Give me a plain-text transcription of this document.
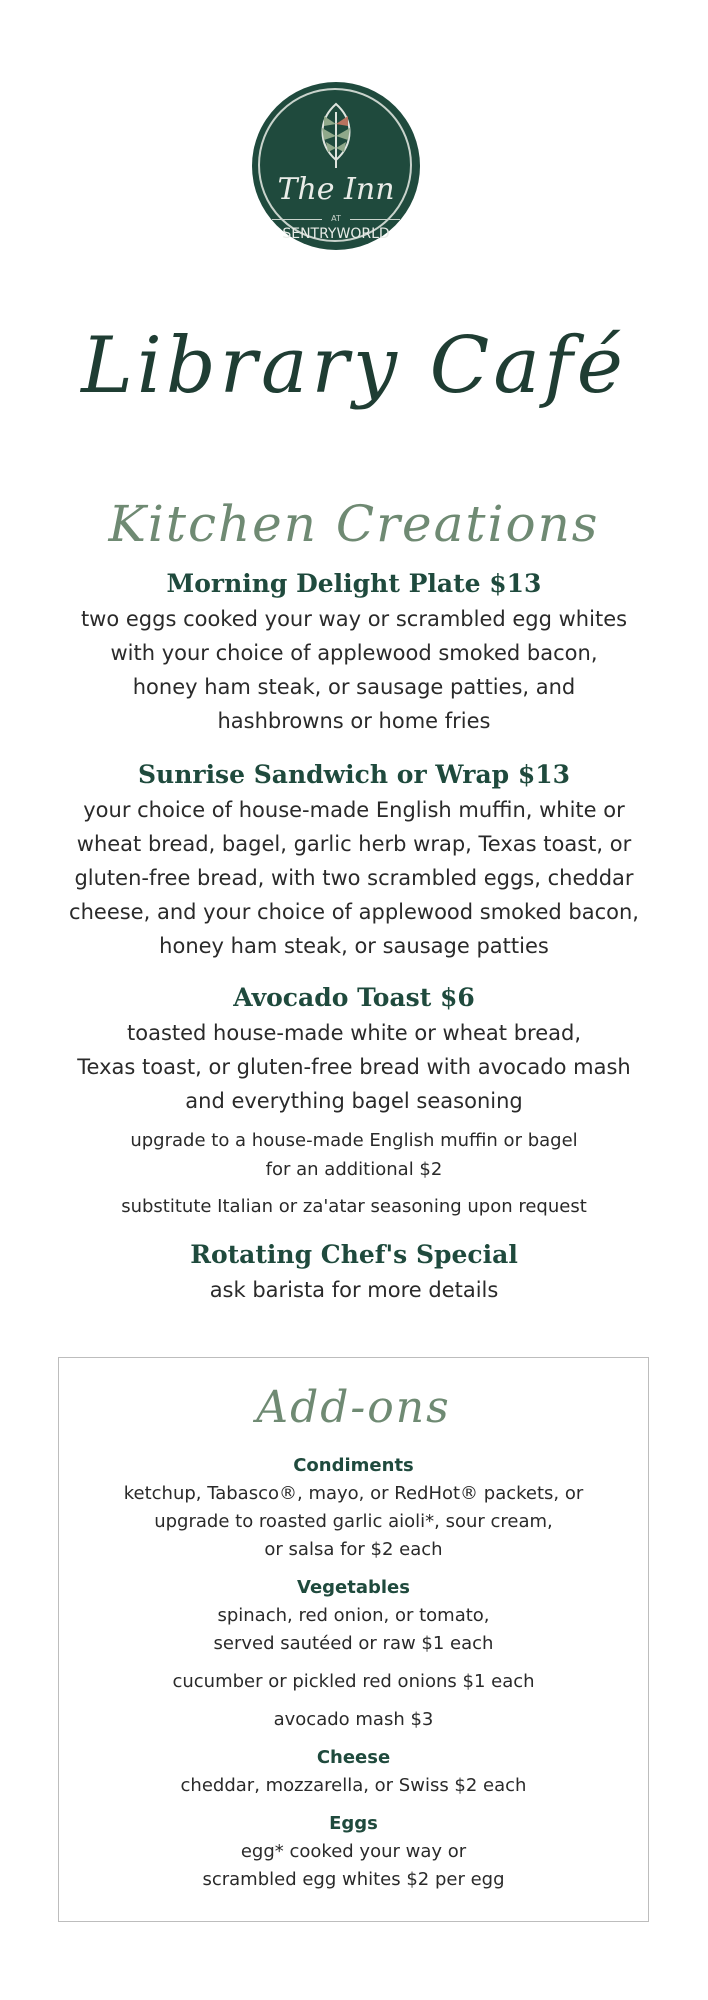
The Inn
AT
SENTRYWORLD
Library Café
Kitchen Creations
Morning Delight Plate $13

two eggs cooked your way or scrambled egg whites

with your choice of applewood smoked bacon,

honey ham steak, or sausage patties, and

hashbrowns or home fries

Sunrise Sandwich or Wrap $13

your choice of house-made English muffin, white or

wheat bread, bagel, garlic herb wrap, Texas toast, or

gluten-free bread, with two scrambled eggs, cheddar

cheese, and your choice of applewood smoked bacon,

honey ham steak, or sausage patties

Avocado Toast $6

toasted house-made white or wheat bread,

Texas toast, or gluten-free bread with avocado mash

and everything bagel seasoning

upgrade to a house-made English muffin or bagel

for an additional $2

substitute Italian or za'atar seasoning upon request

Rotating Chef's Special

ask barista for more details

Add-ons

Condiments

ketchup, Tabasco®, mayo, or RedHot® packets, or

upgrade to roasted garlic aioli*, sour cream,

or salsa for $2 each

Vegetables

spinach, red onion, or tomato,

served sautéed or raw $1 each

cucumber or pickled red onions $1 each

avocado mash $3

Cheese

cheddar, mozzarella, or Swiss $2 each

Eggs

egg* cooked your way or

scrambled egg whites $2 per egg
